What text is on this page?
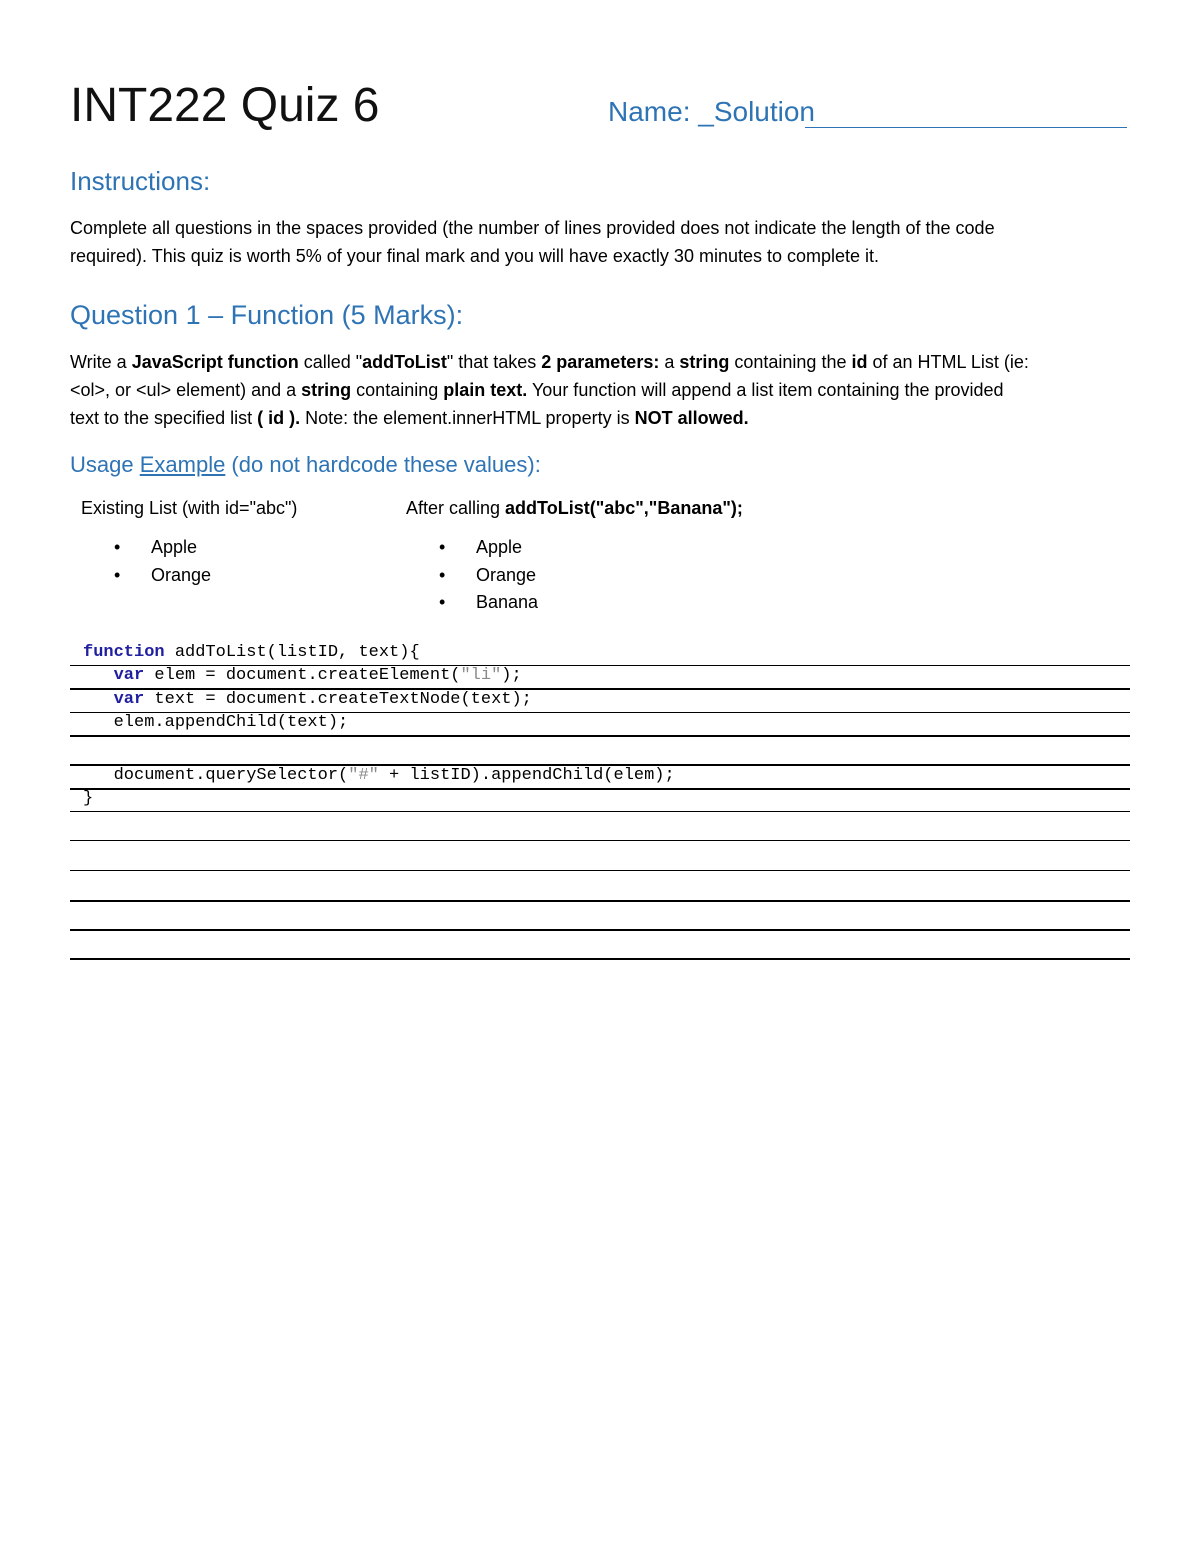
INT222 Quiz 6	Name: _Solution
Instructions:
Complete all questions in the spaces provided (the number of lines provided does not indicate the length of the code
required). This quiz is worth 5% of your final mark and you will have exactly 30 minutes to complete it.
Question 1 – Function (5 Marks):
Write a JavaScript function called "addToList" that takes 2 parameters: a string containing the id of an HTML List (ie:
<ol>, or <ul> element) and a string containing plain text. Your function will append a list item containing the provided
text to the specified list ( id ). Note: the element.innerHTML property is NOT allowed.
Usage Example (do not hardcode these values):
Existing List (with id="abc")
• Apple
• Orange
After calling addToList("abc","Banana");
• Apple
• Orange
• Banana
function addToList(listID, text){
var elem = document.createElement("li");
var text = document.createTextNode(text);
elem.appendChild(text);
document.querySelector("#" + listID).appendChild(elem);
}
